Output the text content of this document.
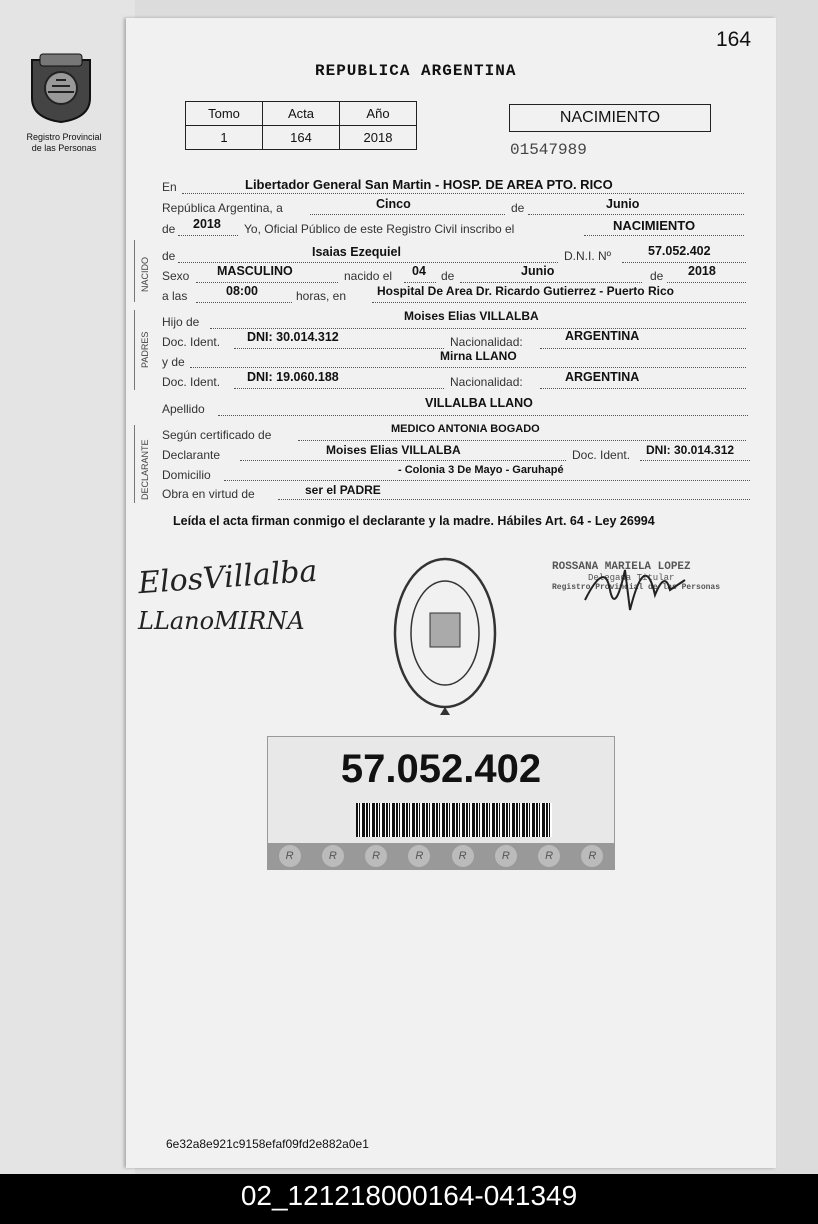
164
Registro Provincial
de las Personas
REPUBLICA ARGENTINA
Tomo	Acta	Año
1	164	2018
NACIMIENTO
01547989
En	Libertador General San Martin - HOSP. DE AREA PTO. RICO
República Argentina, a	Cinco	de	Junio
de 2018 Yo, Oficial Público de este Registro Civil inscribo el	NACIMIENTO
NACIDO
de	Isaias Ezequiel	D.N.I. Nº	57.052.402
Sexo MASCULINO	nacido el 04 de	Junio	de 2018
a las	08:00	horas, en	Hospital De Area Dr. Ricardo Gutierrez - Puerto Rico
PADRES
Hijo de	Moises Elias VILLALBA
Doc. Ident. DNI: 30.014.312	Nacionalidad:	ARGENTINA
y de	Mirna LLANO
Doc. Ident. DNI: 19.060.188	Nacionalidad:	ARGENTINA
Apellido	VILLALBA LLANO
DECLARANTE
Según certificado de	MEDICO ANTONIA BOGADO
Declarante	Moises Elias VILLALBA	Doc. Ident. DNI: 30.014.312
Domicilio	- Colonia 3 De Mayo - Garuhapé
Obra en virtud de	ser el PADRE
Leída el acta firman conmigo el declarante y la madre. Hábiles Art. 64 - Ley 26994
ElosVillalba
LLanoMIRNA
ROSSANA MARIELA LOPEZ
Delegada Titular
Registro Provincial de las Personas
57.052.402
R	R	R	R	R	R	R	R
6e32a8e921c9158efaf09fd2e882a0e1
02_121218000164-041349
